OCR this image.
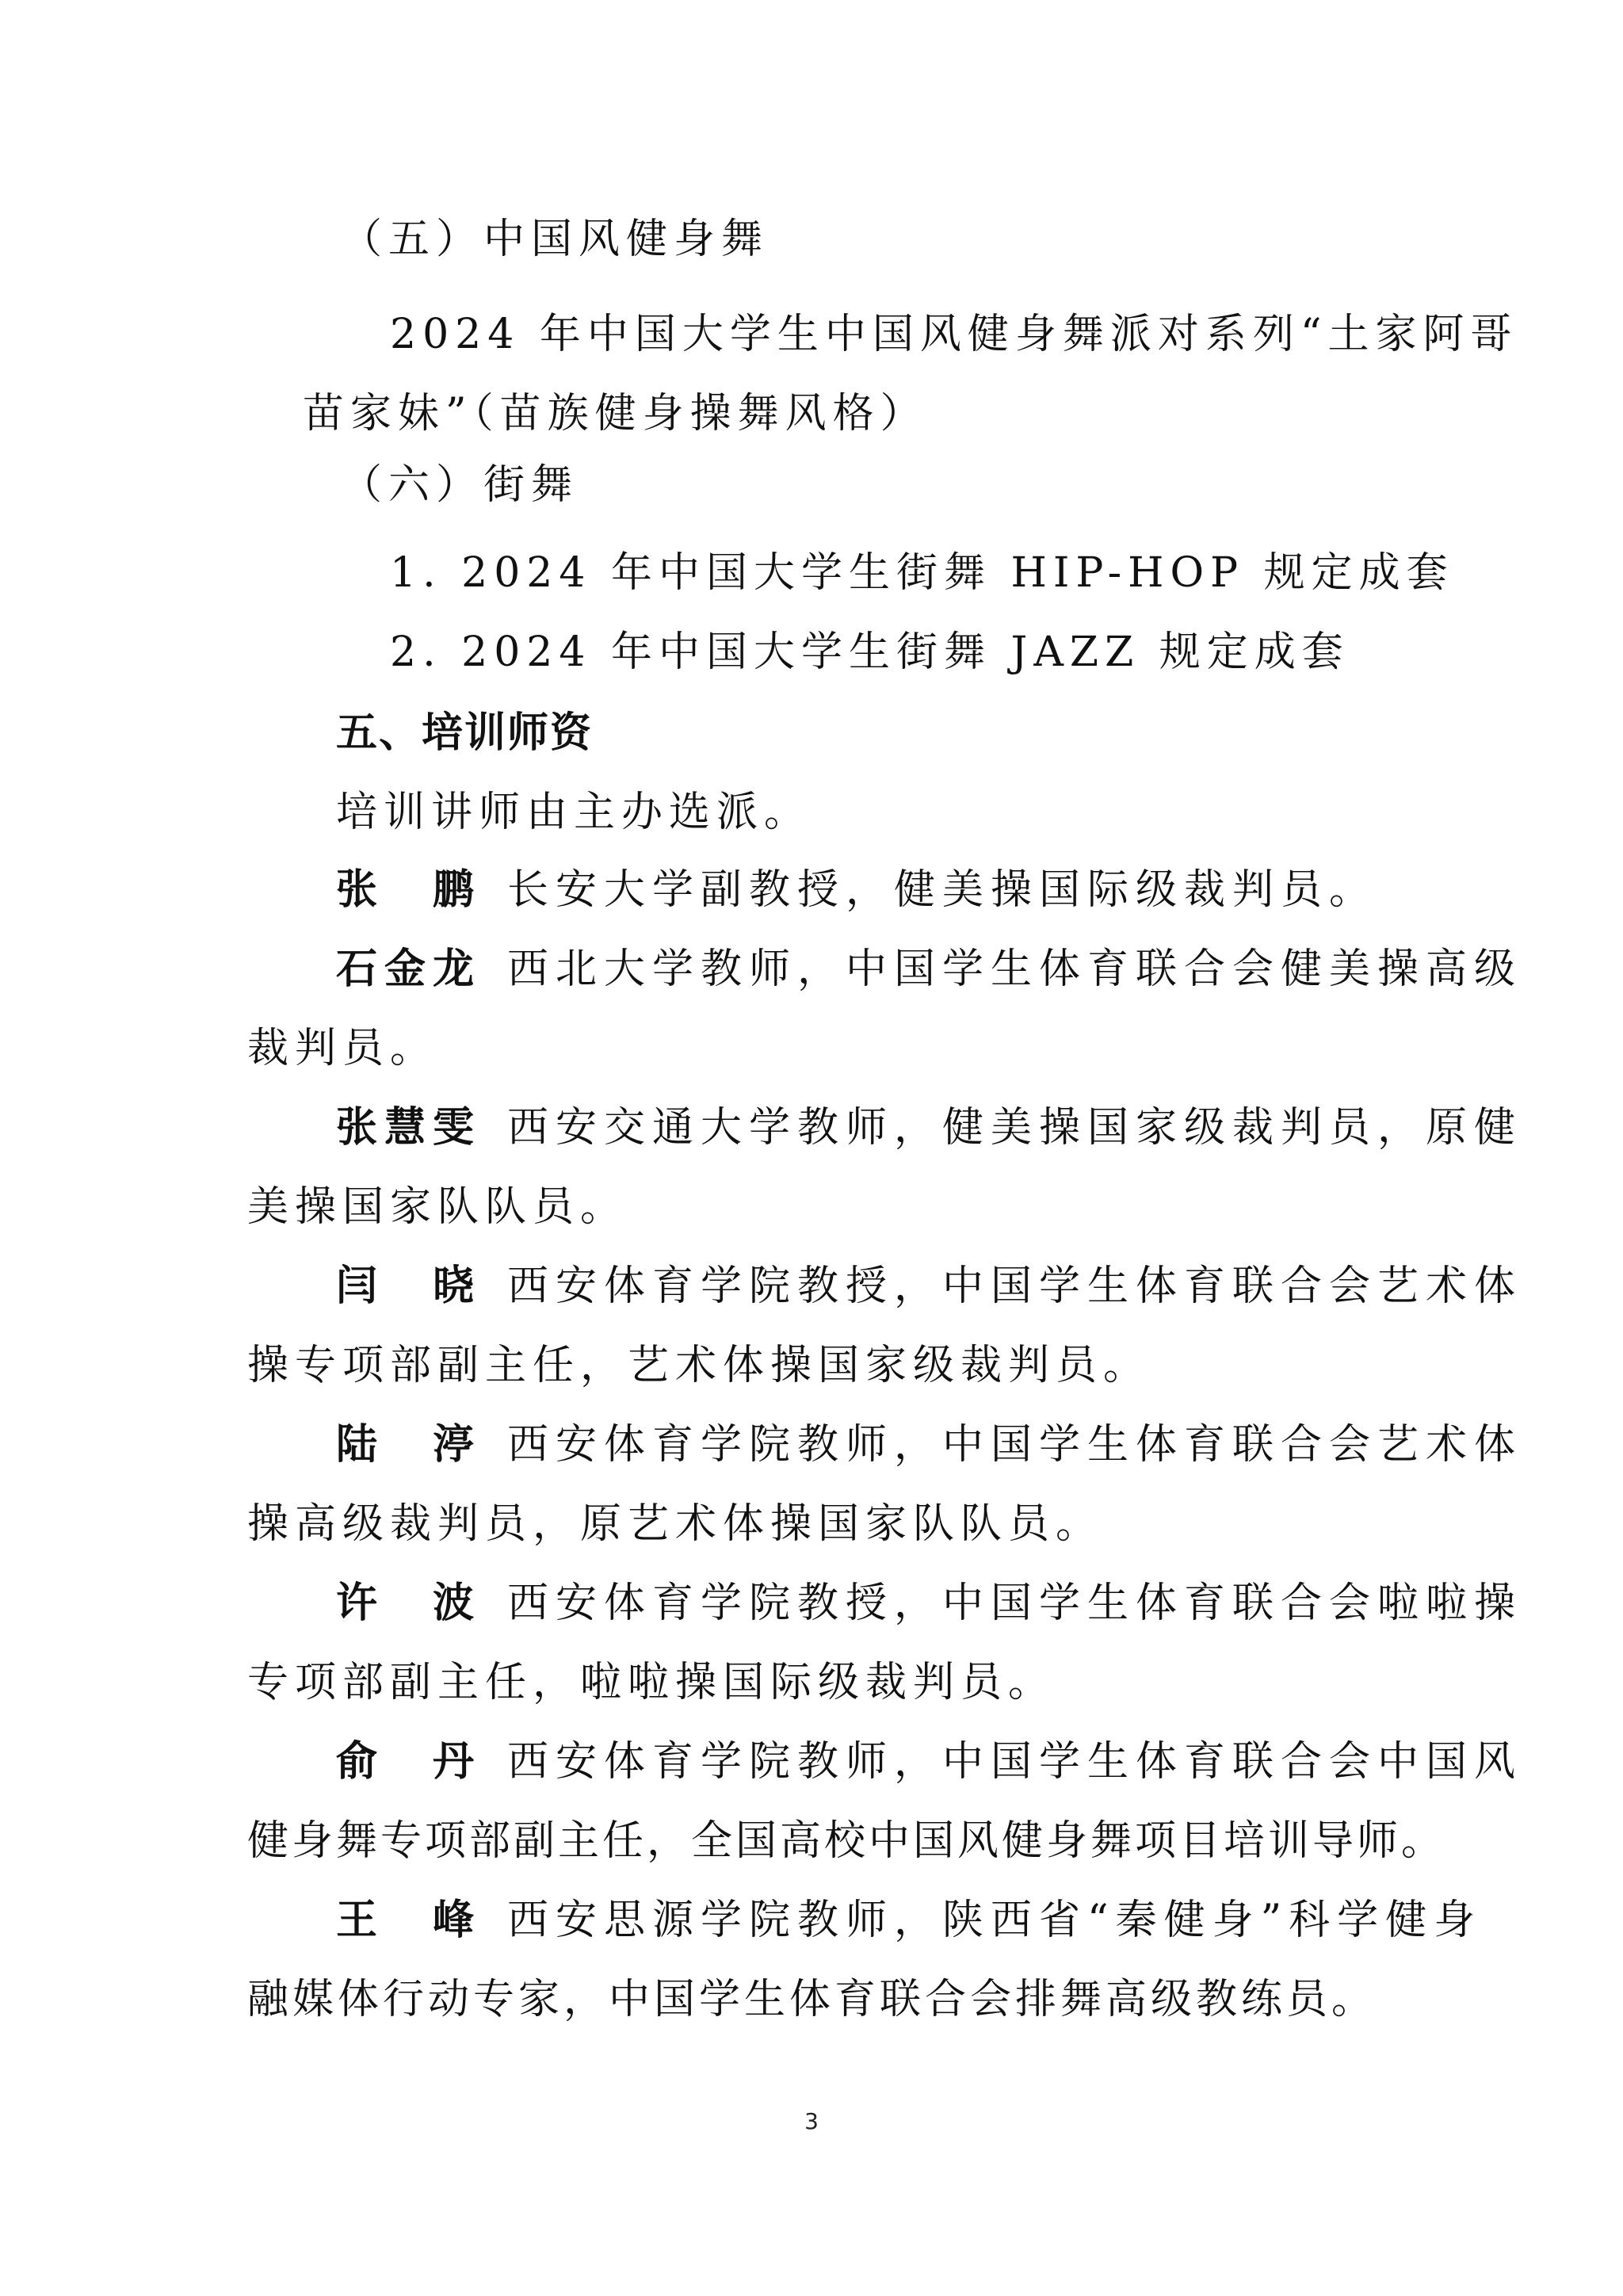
（五）中国风健身舞
2024 年中国大学生中国风健身舞派对系列“土家阿哥
苗家妹”（苗族健身操舞风格）
（六）街舞
1. 2024 年中国大学生街舞 HIP-HOP 规定成套
2. 2024 年中国大学生街舞 JAZZ 规定成套
五、培训师资
培训讲师由主办选派。
张 鹏 长安大学副教授，健美操国际级裁判员。
石金龙 西北大学教师，中国学生体育联合会健美操高级
裁判员。
张慧雯 西安交通大学教师，健美操国家级裁判员，原健
美操国家队队员。
闫 晓 西安体育学院教授，中国学生体育联合会艺术体
操专项部副主任，艺术体操国家级裁判员。
陆 渟 西安体育学院教师，中国学生体育联合会艺术体
操高级裁判员，原艺术体操国家队队员。
许 波 西安体育学院教授，中国学生体育联合会啦啦操
专项部副主任，啦啦操国际级裁判员。
俞 丹 西安体育学院教师，中国学生体育联合会中国风
健身舞专项部副主任，全国高校中国风健身舞项目培训导师。
王 峰 西安思源学院教师，陕西省“秦健身”科学健身
融媒体行动专家，中国学生体育联合会排舞高级教练员。
3
